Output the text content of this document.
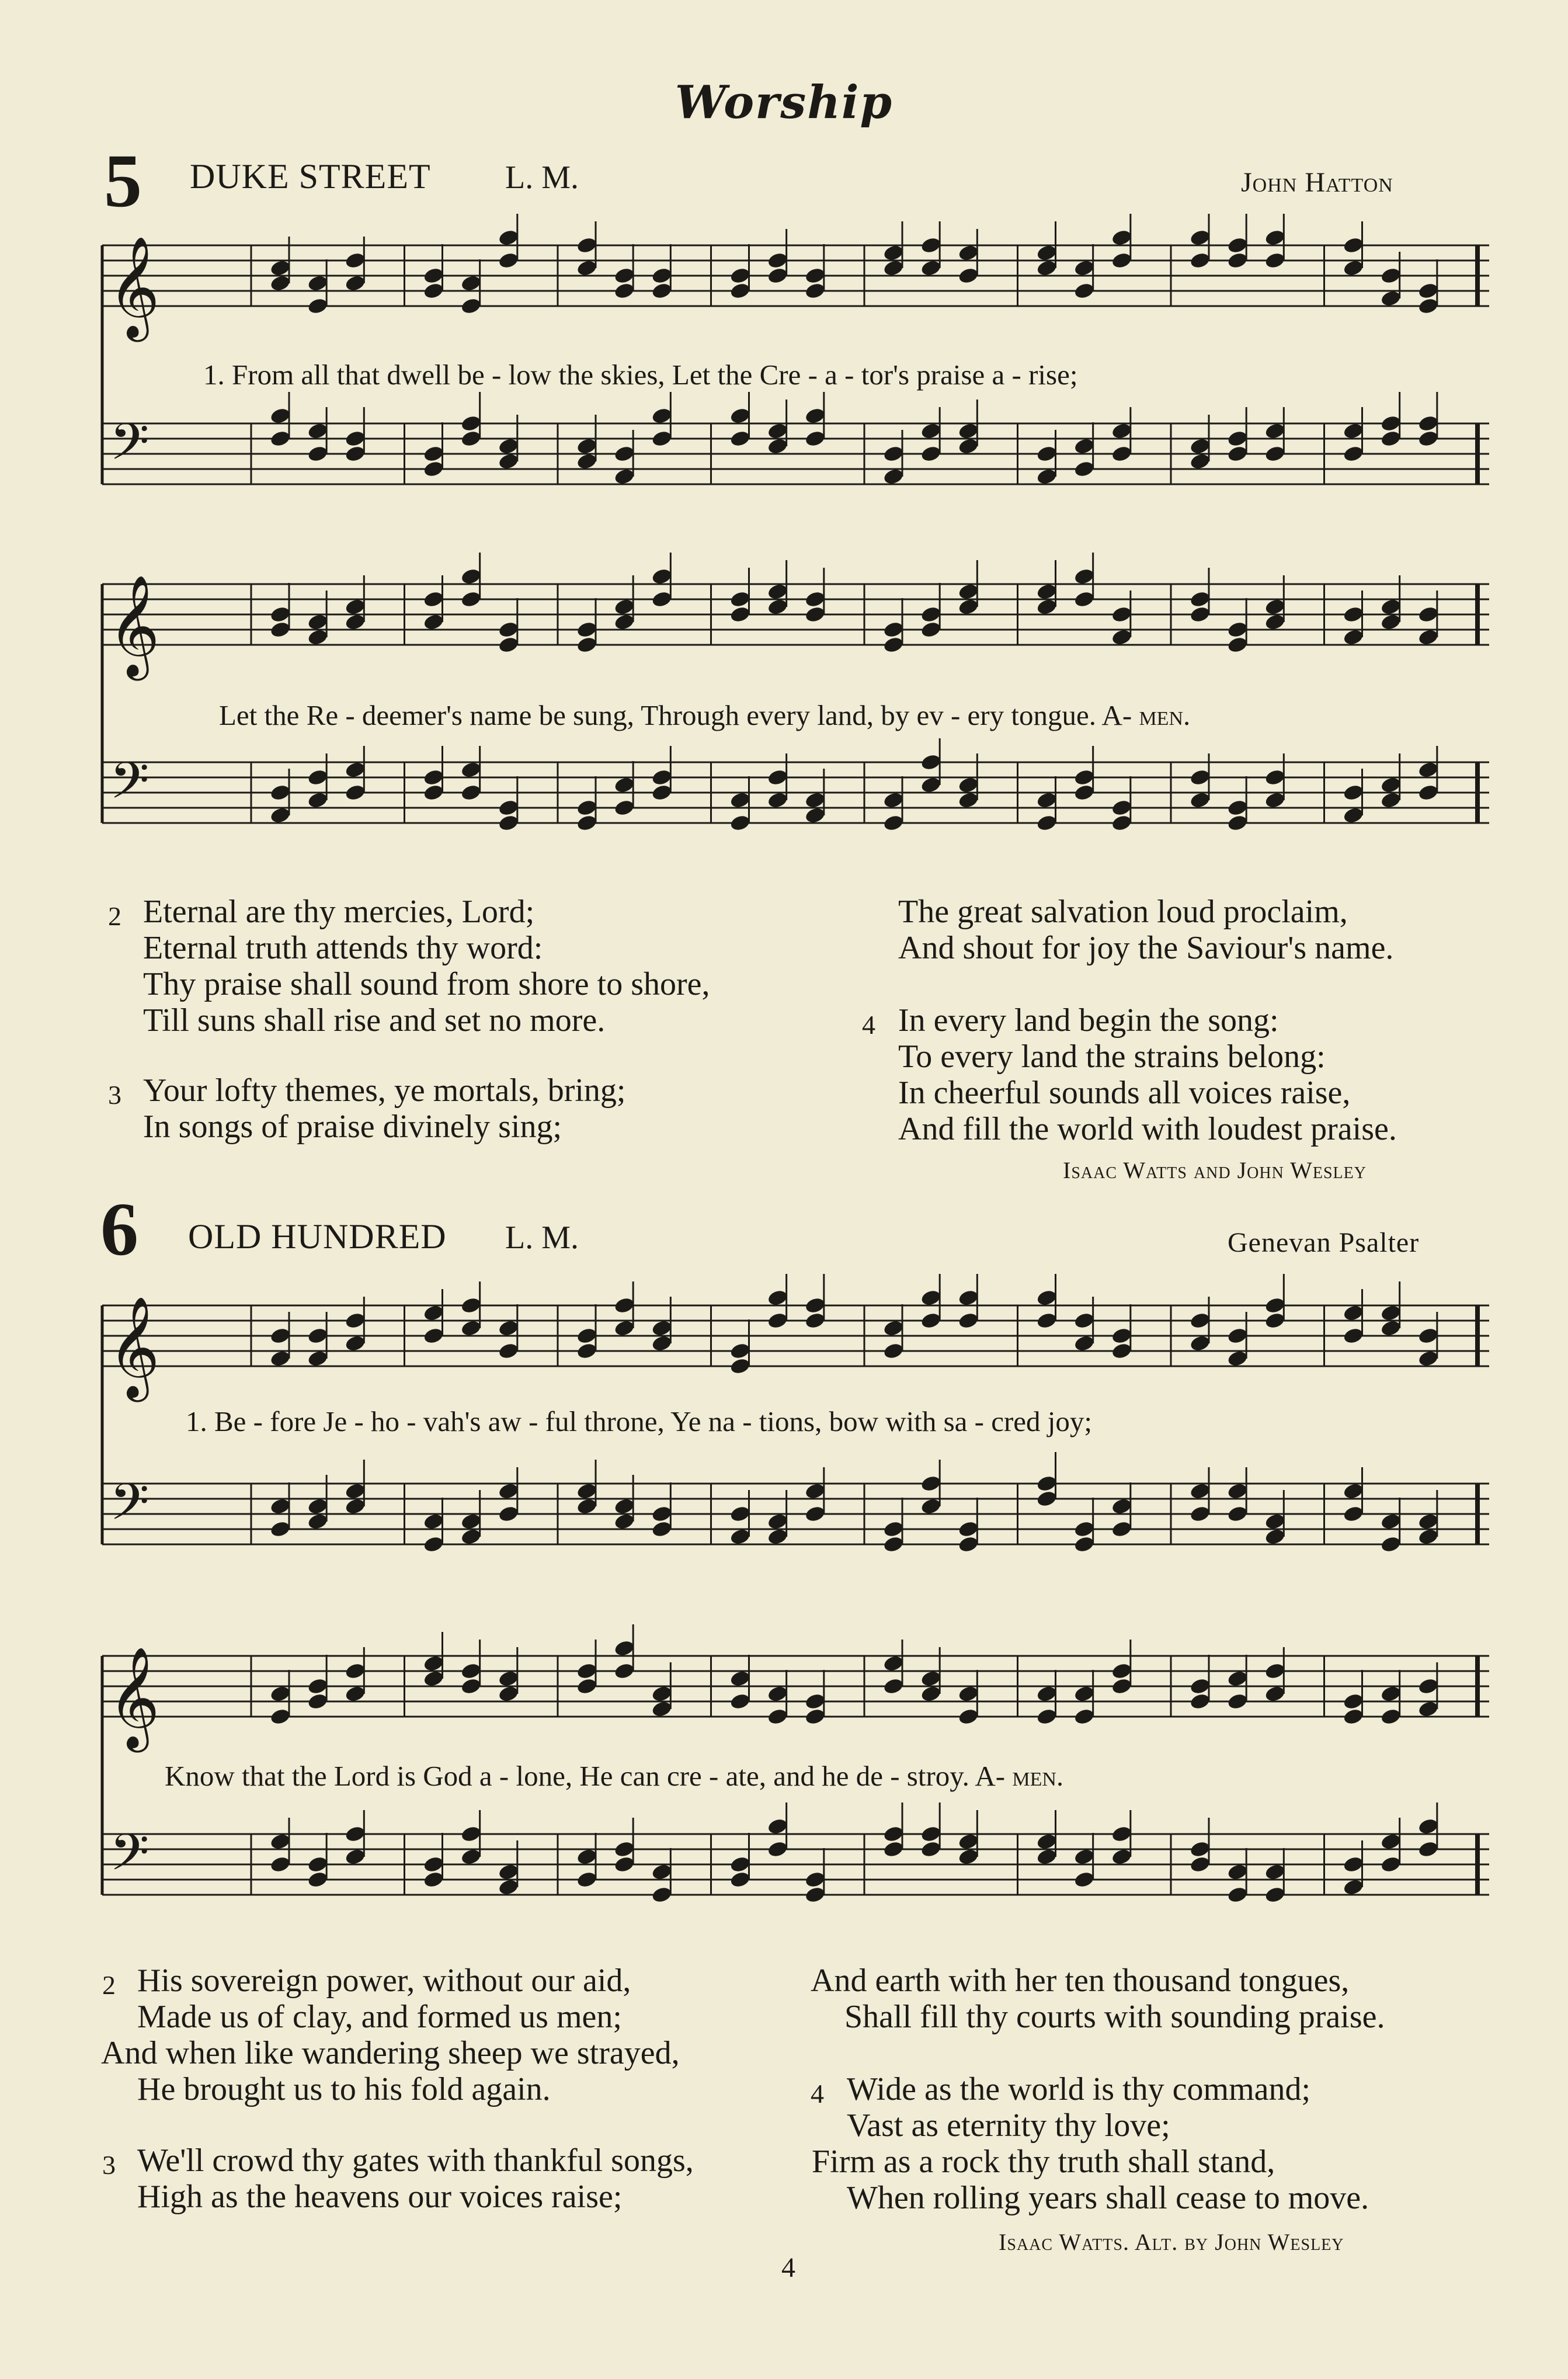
Worship
5 DUKE STREET L. M.	John Hatton
𝄞
𝄢
1. From all that dwell be - low the skies, Let the Cre - a - tor's praise a - rise;
𝄞
𝄢
Let the Re - deemer's name be sung, Through every land, by ev - ery tongue. A- men.
2 Eternal are thy mercies, Lord;
Eternal truth attends thy word:
Thy praise shall sound from shore to shore,
Till suns shall rise and set no more.
3 Your lofty themes, ye mortals, bring;
In songs of praise divinely sing;
The great salvation loud proclaim,
And shout for joy the Saviour's name.
4 In every land begin the song:
To every land the strains belong:
In cheerful sounds all voices raise,
And fill the world with loudest praise.
Isaac Watts and John Wesley
6 OLD HUNDRED L. M.	Genevan Psalter
𝄞
𝄢
1. Be - fore Je - ho - vah's aw - ful throne, Ye na - tions, bow with sa - cred joy;
𝄞
𝄢
Know that the Lord is God a - lone, He can cre - ate, and he de - stroy. A- men.
2 His sovereign power, without our aid,
Made us of clay, and formed us men;
And when like wandering sheep we strayed,
He brought us to his fold again.
3 We'll crowd thy gates with thankful songs,
High as the heavens our voices raise;
And earth with her ten thousand tongues,
Shall fill thy courts with sounding praise.
4 Wide as the world is thy command;
Vast as eternity thy love;
Firm as a rock thy truth shall stand,
When rolling years shall cease to move.
Isaac Watts. Alt. by John Wesley
4
